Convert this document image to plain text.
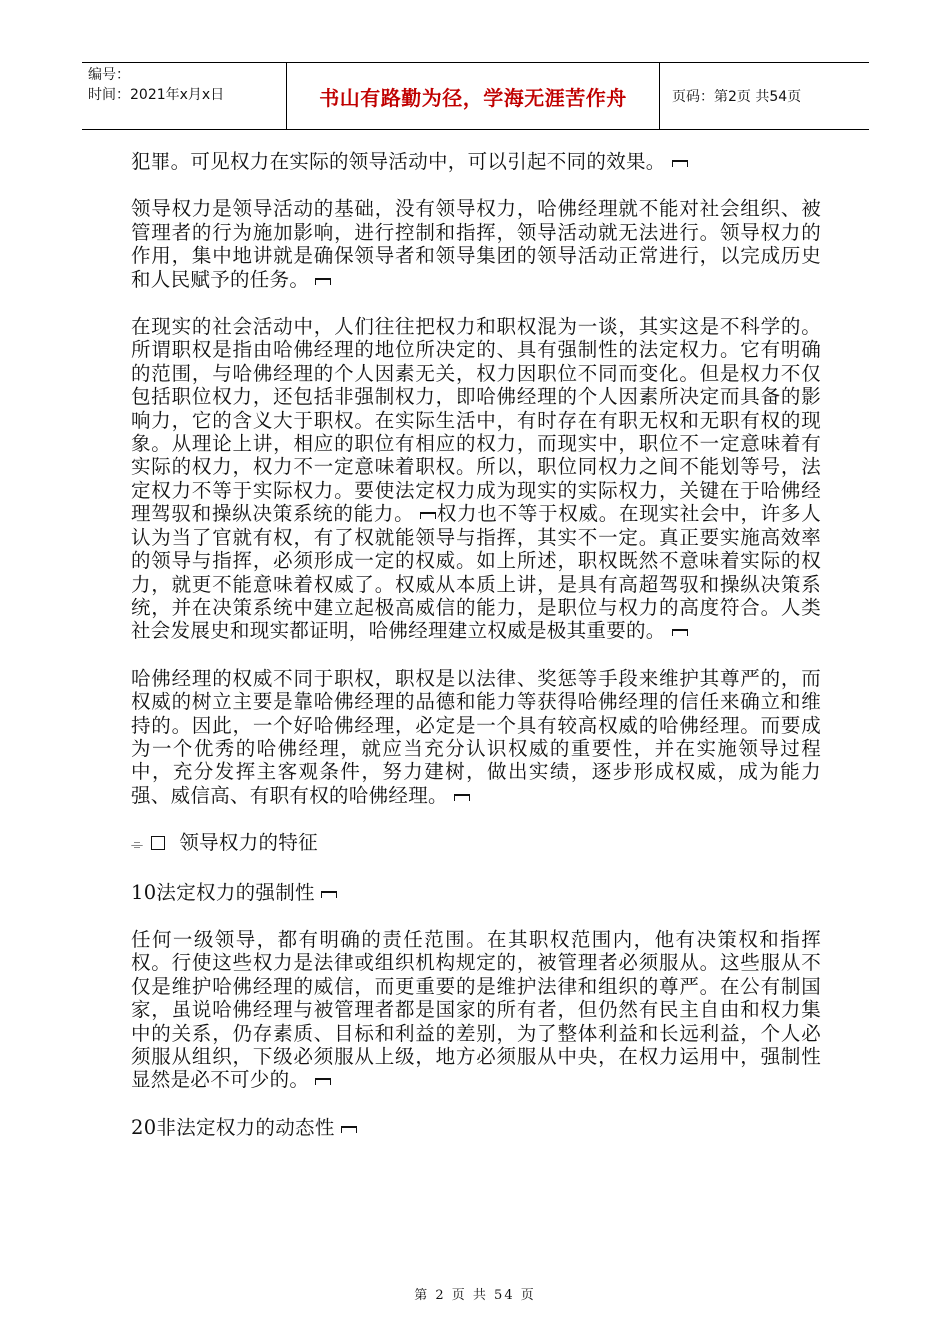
编号：
时间：2021年x月x日	书山有路勤为径，学海无涯苦作舟	页码：第2页 共54页

犯罪。可见权力在实际的领导活动中，可以引起不同的效果。

领导权力是领导活动的基础，没有领导权力，哈佛经理就不能对社会组织、被管理者的行为施加影响，进行控制和指挥，领导活动就无法进行。领导权力的作用，集中地讲就是确保领导者和领导集团的领导活动正常进行，以完成历史和人民赋予的任务。

在现实的社会活动中，人们往往把权力和职权混为一谈，其实这是不科学的。所谓职权是指由哈佛经理的地位所决定的、具有强制性的法定权力。它有明确的范围，与哈佛经理的个人因素无关，权力因职位不同而变化。但是权力不仅包括职位权力，还包括非强制权力，即哈佛经理的个人因素所决定而具备的影响力，它的含义大于职权。在实际生活中，有时存在有职无权和无职有权的现象。从理论上讲，相应的职位有相应的权力，而现实中，职位不一定意味着有实际的权力，权力不一定意味着职权。所以，职位同权力之间不能划等号，法定权力不等于实际权力。要使法定权力成为现实的实际权力，关键在于哈佛经理驾驭和操纵决策系统的能力。 权力也不等于权威。在现实社会中，许多人认为当了官就有权，有了权就能领导与指挥，其实不一定。真正要实施高效率的领导与指挥，必须形成一定的权威。如上所述，职权既然不意味着实际的权力，就更不能意味着权威了。权威从本质上讲，是具有高超驾驭和操纵决策系统，并在决策系统中建立起极高威信的能力，是职位与权力的高度符合。人类社会发展史和现实都证明，哈佛经理建立权威是极其重要的。

哈佛经理的权威不同于职权，职权是以法律、奖惩等手段来维护其尊严的，而权威的树立主要是靠哈佛经理的品德和能力等获得哈佛经理的信任来确立和维持的。因此，一个好哈佛经理，必定是一个具有较高权威的哈佛经理。而要成为一个优秀的哈佛经理，就应当充分认识权威的重要性，并在实施领导过程中，充分发挥主客观条件，努力建树，做出实绩，逐步形成权威，成为能力强、威信高、有职有权的哈佛经理。

⌯ 领导权力的特征

10法定权力的强制性

任何一级领导，都有明确的责任范围。在其职权范围内，他有决策权和指挥权。行使这些权力是法律或组织机构规定的，被管理者必须服从。这些服从不仅是维护哈佛经理的威信，而更重要的是维护法律和组织的尊严。在公有制国家，虽说哈佛经理与被管理者都是国家的所有者，但仍然有民主自由和权力集中的关系，仍存素质、目标和利益的差别，为了整体利益和长远利益，个人必须服从组织，下级必须服从上级，地方必须服从中央，在权力运用中，强制性显然是必不可少的。

20非法定权力的动态性

第 2 页 共 54 页
